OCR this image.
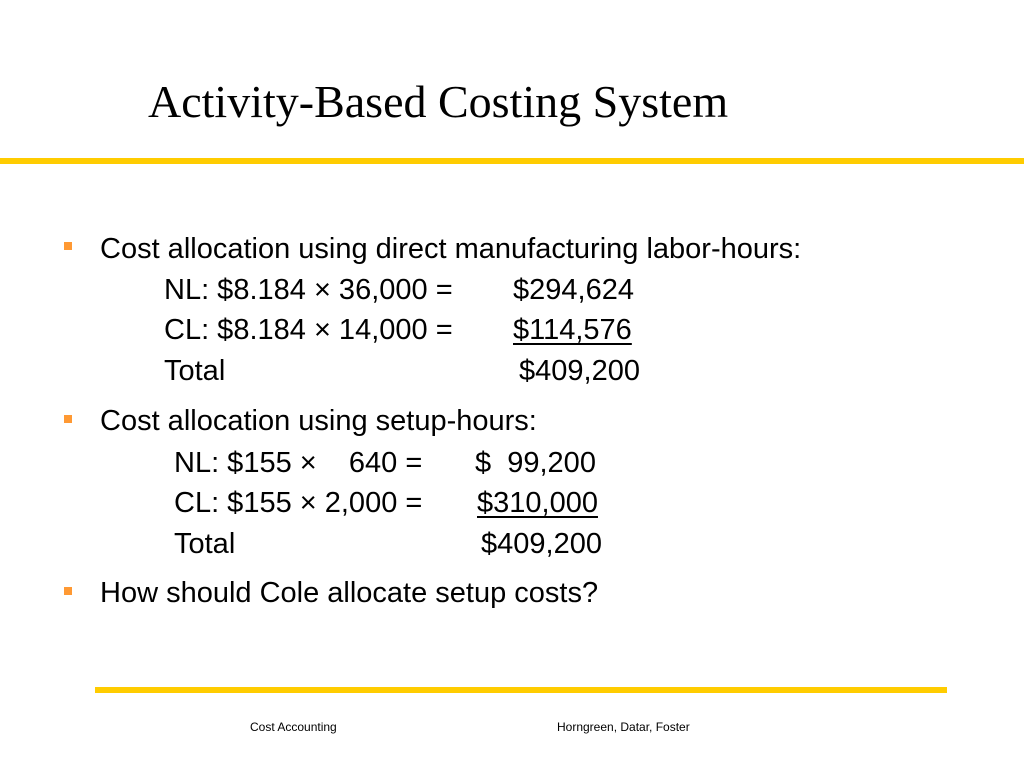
Activity-Based Costing System
Cost allocation using direct manufacturing labor-hours:
NL: $8.184 × 36,000 = $294,624
CL: $8.184 × 14,000 = $114,576
Total	$409,200
Cost allocation using setup-hours:
NL: $155 ×    640 = $  99,200
CL: $155 × 2,000 = $310,000
Total	$409,200
How should Cole allocate setup costs?
Cost Accounting	Horngreen, Datar, Foster
